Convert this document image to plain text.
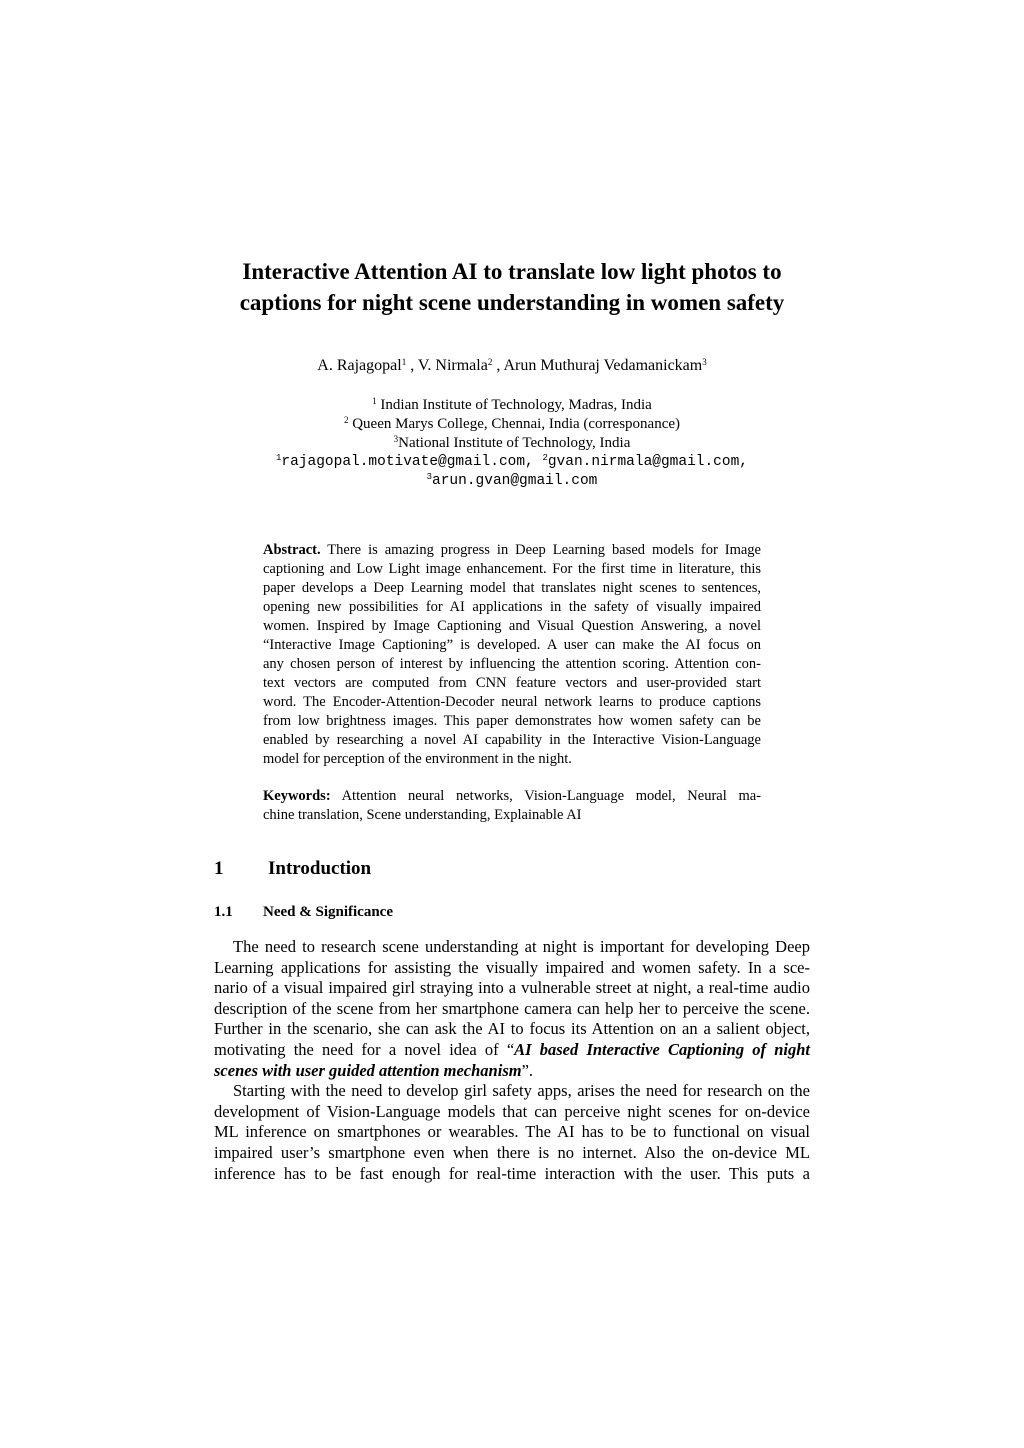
Interactive Attention AI to translate low light photos to
captions for night scene understanding in women safety
A. Rajagopal$^1$ , V. Nirmala$^2$ , Arun Muthuraj Vedamanickam$^3$
$^1$ Indian Institute of Technology, Madras, India
$^2$ Queen Marys College, Chennai, India (corresponance)
$^3$National Institute of Technology, India
$^1$rajagopal.motivate@gmail.com, $^2$gvan.nirmala@gmail.com,
$^3$arun.gvan@gmail.com
Abstract. There is amazing progress in Deep Learning based models for Image
captioning and Low Light image enhancement. For the first time in literature, this
paper develops a Deep Learning model that translates night scenes to sentences,
opening new possibilities for AI applications in the safety of visually impaired
women. Inspired by Image Captioning and Visual Question Answering, a novel
“Interactive Image Captioning” is developed. A user can make the AI focus on
any chosen person of interest by influencing the attention scoring. Attention con-
text vectors are computed from CNN feature vectors and user-provided start
word. The Encoder-Attention-Decoder neural network learns to produce captions
from low brightness images. This paper demonstrates how women safety can be
enabled by researching a novel AI capability in the Interactive Vision-Language
model for perception of the environment in the night.
Keywords: Attention neural networks, Vision-Language model, Neural ma-
chine translation, Scene understanding, Explainable AI
1 Introduction
1.1 Need & Significance
The need to research scene understanding at night is important for developing Deep
Learning applications for assisting the visually impaired and women safety. In a sce-
nario of a visual impaired girl straying into a vulnerable street at night, a real-time audio
description of the scene from her smartphone camera can help her to perceive the scene.
Further in the scenario, she can ask the AI to focus its Attention on an a salient object,
motivating the need for a novel idea of “AI based Interactive Captioning of night
scenes with user guided attention mechanism”.
Starting with the need to develop girl safety apps, arises the need for research on the
development of Vision-Language models that can perceive night scenes for on-device
ML inference on smartphones or wearables. The AI has to be to functional on visual
impaired user’s smartphone even when there is no internet. Also the on-device ML
inference has to be fast enough for real-time interaction with the user. This puts a
